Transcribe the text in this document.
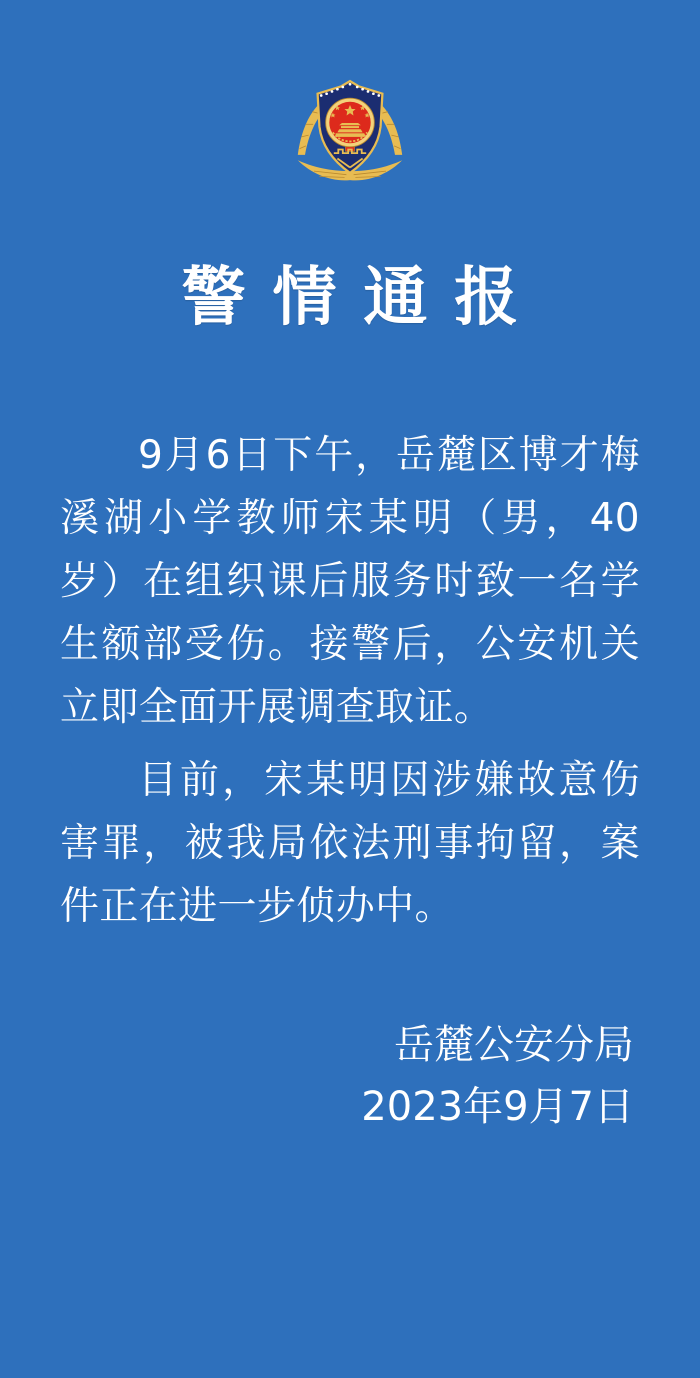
警情通报

9月6日下午，岳麓区博才梅溪湖小学教师宋某明（男，40岁）在组织课后服务时致一名学生额部受伤。接警后，公安机关立即全面开展调查取证。

目前，宋某明因涉嫌故意伤害罪，被我局依法刑事拘留，案件正在进一步侦办中。

岳麓公安分局
2023年9月7日
